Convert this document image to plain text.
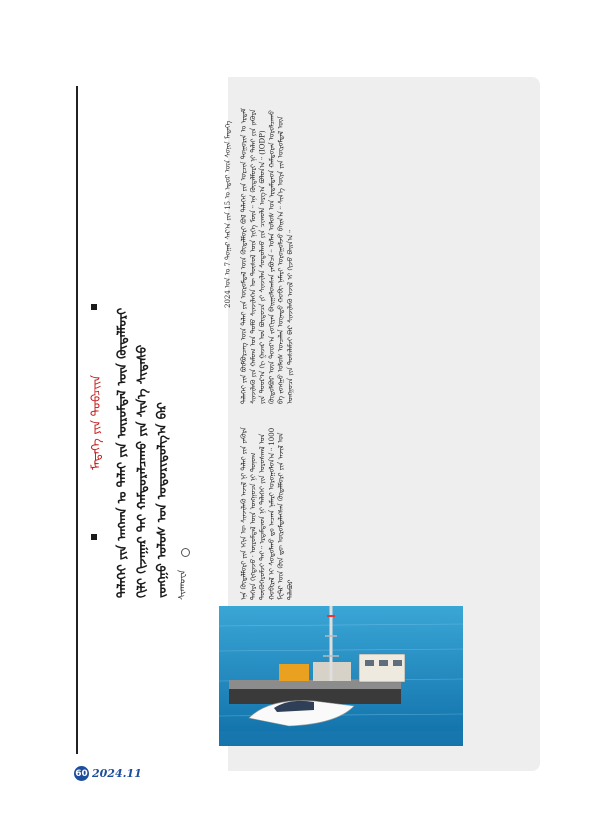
ᠮᠡᠳᠡᠭᠡ ᠶᠢᠨ ᠳᠣᠪᠴᠢᠶ᠋ᠠ ᠳᠡᠯᠡᠬᠡᠢ ᠶᠢᠨ ᠠᠩᠬᠠᠨ ᠤ ᠳᠠᠯᠠᠢ ᠶᠢᠨ ᠦᠷᠦᠮᠳᠡᠯ ᠦᠨ ᠬᠥᠳᠡᠯᠮᠦᠷᠢ ᠬᠢᠯᠢ ᠬᠢᠵᠠᠭᠠᠷ ᠲᠠᠢ ᠬᠠᠮᠲᠤᠷᠠᠯᠴᠠᠬᠤ ᠶᠢᠨ ᠰᠢᠨ᠎ᠡ ᠰᠢᠳᠠᠰᠤ ᠵᠣᠩᠭᠣ ᠤᠯᠤᠰ ᠤᠨ ᠤᠳᠤᠷᠢᠳᠤᠯᠭ᠎ᠠ ᠪᠠᠷ	ᠰᠢᠨᠬᠤᠸᠠ
ᠲᠡᠯᠡᠬᠡᠢ ᠶᠢᠨ ᠪᠥᠮᠪᠥᠷᠴᠡᠭ ᠦᠨ ᠳᠠᠯᠠᠢ ᠶᠢᠨ ᠦᠷᠦᠮᠳᠡᠯ ᠦᠨ ᠬᠥᠳᠡᠯᠮᠦᠷᠢ ᠪᠣᠯ ᠳᠡᠯᠡᠬᠡᠢ ᠶᠢᠨ ᠣᠷᠴᠢᠨ ᠲᠣᠭᠣᠷᠢᠨ ᠤ ᠡᠷᠳᠡᠮ ᠰᠢᠨᠵᠢᠯᠡᠬᠦ ᠶᠢᠨ ᠬᠠᠮᠤᠭ ᠤᠨ ᠲᠣᠮᠣ ᠰᠢᠨᠵᠢᠯᠡᠭᠡᠨ ᠦ ᠲᠥᠰᠥᠯ ᠦᠨ ᠨᠢᠭᠡ ᠮᠦᠨ᠃ ᠡᠨᠡ ᠬᠥᠳᠡᠯᠮᠦᠷᠢ ᠨᠢ ᠳᠠᠯᠠᠢ ᠶᠢᠨ ᠶᠡᠭᠦᠷᠡ ᠶᠢᠨ ᠳᠣᠣᠷ᠎ᠠ ᠬᠢ ᠭᠠᠵᠠᠷ ᠤᠨ ᠪᠦᠲᠦᠴᠡ ᠶᠢ ᠰᠢᠨᠵᠢᠯᠡᠨ ᠰᠤᠳᠤᠯᠬᠤ ᠶᠢᠨ ᠴᠢᠬᠤᠯᠠ ᠠᠷᠭ᠎ᠠ ᠪᠣᠯᠤᠨ᠎ᠠ᠃ (IODP) ᠬᠥᠲᠦᠯᠪᠦᠷ ᠦᠨ ᠳᠣᠣᠷ᠎ᠠ ᠵᠣᠬᠢᠶᠠᠨ ᠪᠠᠢᠭᠤᠯᠤᠭᠰᠠᠨ ᠶᠠᠪᠤᠴᠠ᠃ ᠣᠯᠠᠨ ᠤᠯᠤᠰ ᠤᠨ ᠡᠷᠳᠡᠮᠲᠡᠳ ᠬᠠᠮᠲᠤᠷᠠᠨ ᠣᠷᠤᠯᠴᠠᠬᠤ ᠪᠠ ᠵᠣᠩᠭᠣ ᠤᠯᠤᠰ ᠣᠨᠴᠠᠯᠠᠨ ᠦᠨᠡᠲᠦ ᠬᠤᠪᠢ ᠨᠡᠮᠡᠷᠢ ᠣᠷᠣᠭᠤᠯᠵᠤ ᠪᠠᠢᠨ᠎ᠠ᠃ ᠰᠢᠨ᠎ᠡ ᠦᠶᠡ ᠶᠢᠨ ᠦᠷᠦᠮᠳᠡᠯ ᠦᠨ ᠣᠩᠭᠤᠴᠠ ᠶᠢᠨ ᠲᠤᠰᠠᠯᠠᠮᠵᠢ ᠪᠡᠷ ᠰᠢᠨᠵᠢᠯᠡᠬᠦ ᠠᠵᠢᠯ ᠢ ᠬᠢᠵᠦ ᠪᠠᠢᠨ᠎ᠠ᠃
ᠡᠨᠡ ᠬᠥᠳᠡᠯᠮᠦᠷᠢ ᠶᠢᠨ ᠡᠬᠢᠨ ᠦ ᠰᠢᠨᠵᠢᠯᠡᠬᠦ ᠠᠵᠢᠯ ᠨᠢ ᠳᠠᠯᠠᠢ ᠶᠢᠨ ᠶᠡᠭᠦᠷᠡ ᠳᠡᠭᠡᠷᠡ ᠬᠢᠭᠳᠡᠵᠦ᠂ ᠦᠷᠦᠮᠳᠡᠯ ᠦᠨ ᠣᠩᠭᠤᠴᠠ ᠨᠢ ᠲᠣᠨᠣᠭ ᠲᠥᠬᠥᠭᠡᠷᠦᠮᠵᠢ ᠲᠠᠢ᠃ ᠡᠷᠳᠡᠮᠲᠡᠳ ᠨᠢ ᠳᠡᠯᠡᠬᠡᠢ ᠶᠢᠨ ᠤᠷᠤᠰᠬᠠᠯ ᠤᠨ ᠬᠤᠪᠢᠷᠠᠯ ᠢ ᠰᠤᠳᠤᠯᠬᠤ ᠳᠤ ᠠᠴᠬᠠ ᠨᠡᠮᠡᠷᠢ ᠣᠷᠣᠭᠤᠯᠤᠨ᠎ᠠ᠃ 1000 ᠮᠧᠲ᠋ᠷ ᠦᠨ ᠭᠦᠨ ᠳᠦ ᠦᠷᠦᠮᠳᠡᠯᠡᠭᠰᠡᠨ ᠬᠥᠳᠡᠯᠮᠦᠷᠢ ᠶᠢᠨ ᠠᠵᠢᠯ ᠤᠨ ᠲᠠᠯᠠᠪᠤᠷ
2024 ᠣᠨ ᠤ 7 ᠳᠤᠭᠠᠷ ᠰᠠᠷ᠎ᠠ ᠶᠢᠨ 15 ᠤ ᠡᠳᠦᠷ ᠦᠨ ᠰᠣᠨᠢᠨ ᠮᠡᠳᠡᠭᠡ
60 2024.11
